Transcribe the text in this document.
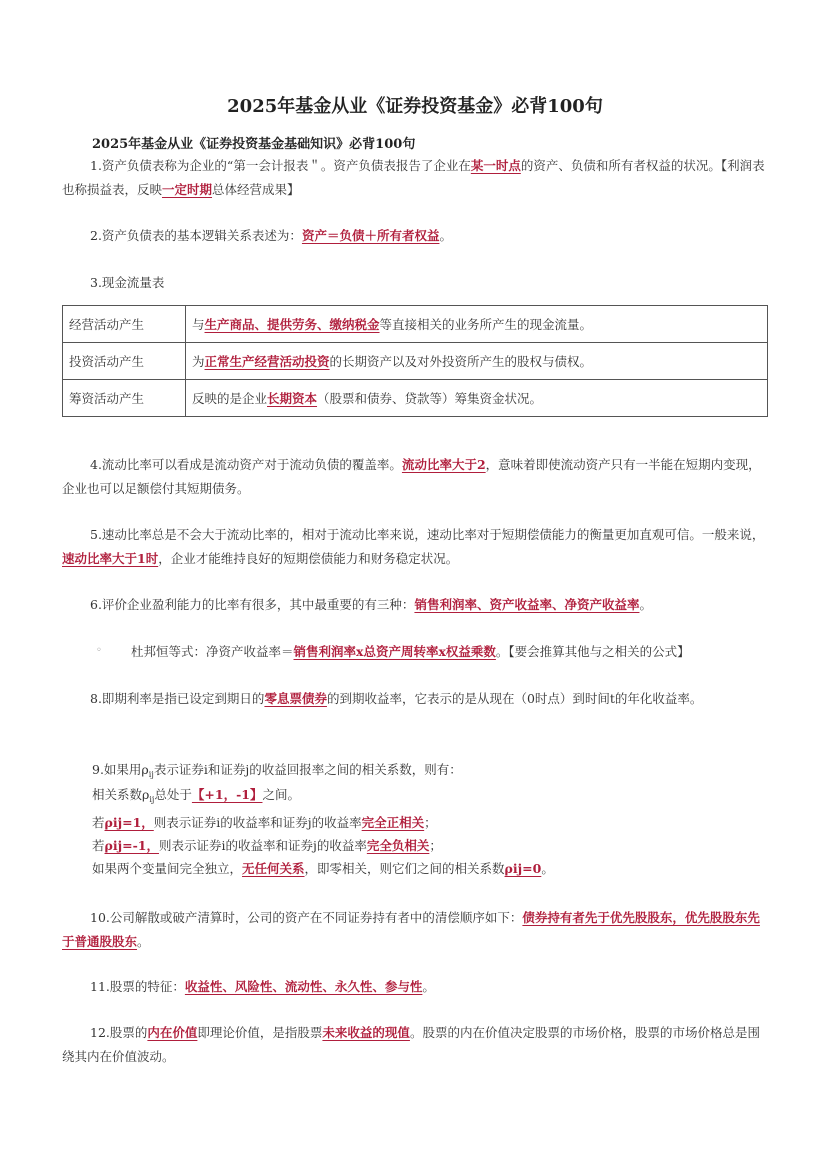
2025年基金从业《证券投资基金》必背100句
2025年基金从业《证券投资基金基础知识》必背100句
1.资产负债表称为企业的“第一会计报表＂。资产负债表报告了企业在某一时点的资产、负债和所有者权益的状况。【利润表也称损益表，反映一定时期总体经营成果】
2.资产负债表的基本逻辑关系表述为：资产＝负债＋所有者权益。
3.现金流量表
经营活动产生	与生产商品、提供劳务、缴纳税金等直接相关的业务所产生的现金流量。
投资活动产生	为正常生产经营活动投资的长期资产以及对外投资所产生的股权与债权。
筹资活动产生	反映的是企业长期资本（股票和债券、贷款等）筹集资金状况。
4.流动比率可以看成是流动资产对于流动负债的覆盖率。流动比率大于2，意味着即使流动资产只有一半能在短期内变现，企业也可以足额偿付其短期债务。
5.速动比率总是不会大于流动比率的，相对于流动比率来说，速动比率对于短期偿债能力的衡量更加直观可信。一般来说，速动比率大于1时，企业才能维持良好的短期偿债能力和财务稳定状况。
6.评价企业盈利能力的比率有很多，其中最重要的有三种：销售利润率、资产收益率、净资产收益率。
◦ 杜邦恒等式：净资产收益率＝销售利润率x总资产周转率x权益乘数。【要会推算其他与之相关的公式】
8.即期利率是指已设定到期日的零息票债券的到期收益率，它表示的是从现在（0时点）到时间t的年化收益率。
9.如果用$\rho_{ij}$表示证券i和证券j的收益回报率之间的相关系数，则有：
相关系数$\rho_{ij}$总处于【+1，-1】之间。
若ρij=1，则表示证券i的收益率和证券j的收益率完全正相关；
若ρij=-1，则表示证券i的收益率和证券j的收益率完全负相关；
如果两个变量间完全独立，无任何关系，即零相关，则它们之间的相关系数ρij=0。
10.公司解散或破产清算时，公司的资产在不同证券持有者中的清偿顺序如下：债券持有者先于优先股股东，优先股股东先于普通股股东。
11.股票的特征：收益性、风险性、流动性、永久性、参与性。
12.股票的内在价值即理论价值，是指股票未来收益的现值。股票的内在价值决定股票的市场价格，股票的市场价格总是围绕其内在价值波动。
